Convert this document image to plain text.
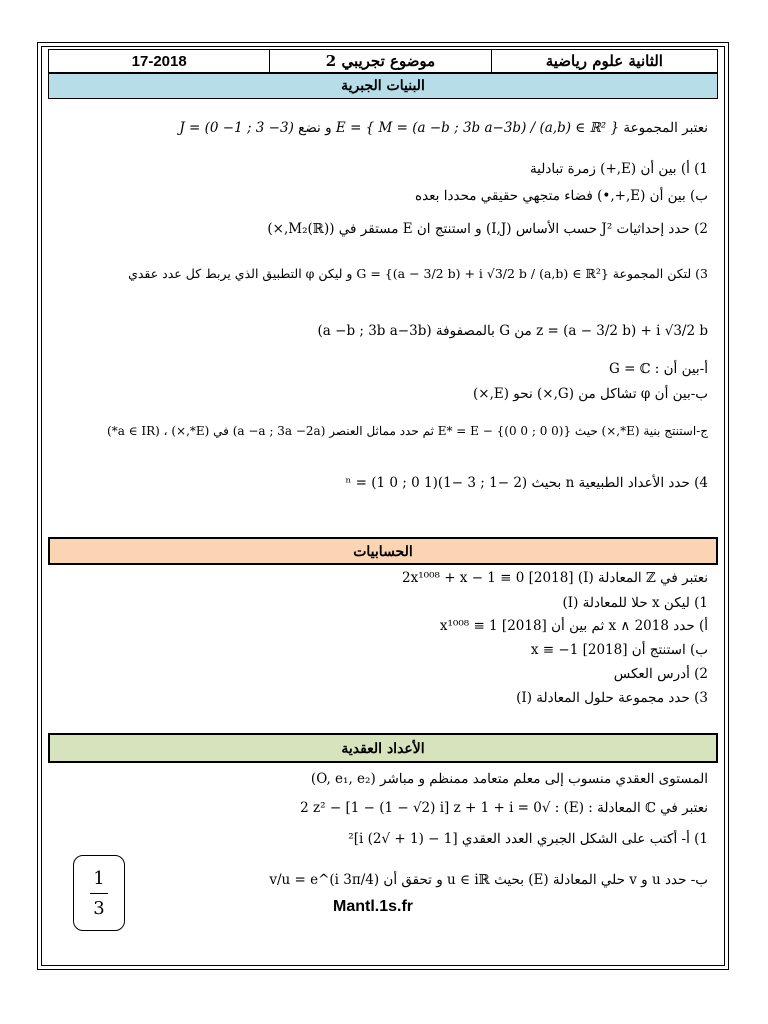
17-2018	موضوع تجريبي 2	الثانية علوم رياضية
البنيات الجبرية
نعتبر المجموعة E = { M = (a −b ; 3b a−3b) / (a,b) ∈ ℝ² } و نضع J = (0 −1 ; 3 −3)
1) أ) بين أن (E,+) زمرة تبادلية
ب) بين أن (E,+,•) فضاء متجهي حقيقي محددا بعده
2) حدد إحداثيات J² حسب الأساس (I,J) و استنتج ان E مستقر في (M₂(ℝ),×)
3) لتكن المجموعة G = {(a − 3/2 b) + i √3/2 b / (a,b) ∈ ℝ²} و ليكن φ التطبيق الذي يربط كل عدد عقدي
z = (a − 3/2 b) + i √3/2 b من G بالمصفوفة (a −b ; 3b a−3b)
أ-بين أن : G = ℂ
ب-بين أن φ تشاكل من (G,×) نحو (E,×)
ج-استنتج بنية (E*,×) حيث E* = E − {(0 0 ; 0 0)} ثم حدد مماثل العنصر (a −a ; 3a −2a) في (E*,×) ، (a ∈ IR*)
4) حدد الأعداد الطبيعية n بحيث (2 −1 ; 3 −1)ⁿ = (1 0 ; 0 1)
الحسابيات
نعتبر في ℤ المعادلة (I) 2x¹⁰⁰⁸ + x − 1 ≡ 0 [2018]
1) ليكن x حلا للمعادلة (I)
أ) حدد x ∧ 2018 ثم بين أن x¹⁰⁰⁸ ≡ 1 [2018]
ب) استنتج أن x ≡ −1 [2018]
2) أدرس العكس
3) حدد مجموعة حلول المعادلة (I)
الأعداد العقدية
المستوى العقدي منسوب إلى معلم متعامد ممنظم و مباشر (O, e₁, e₂)
نعتبر في ℂ المعادلة : (E) : √2 z² − [1 − (1 − √2) i] z + 1 + i = 0
1) أ- أكتب على الشكل الجبري العدد العقدي [1 − (1 + √2) i]²
ب- حدد u و v حلي المعادلة (E) بحيث u ∈ iℝ و تحقق أن v/u = e^(i 3π/4)
Mantl.1s.fr
1
3
